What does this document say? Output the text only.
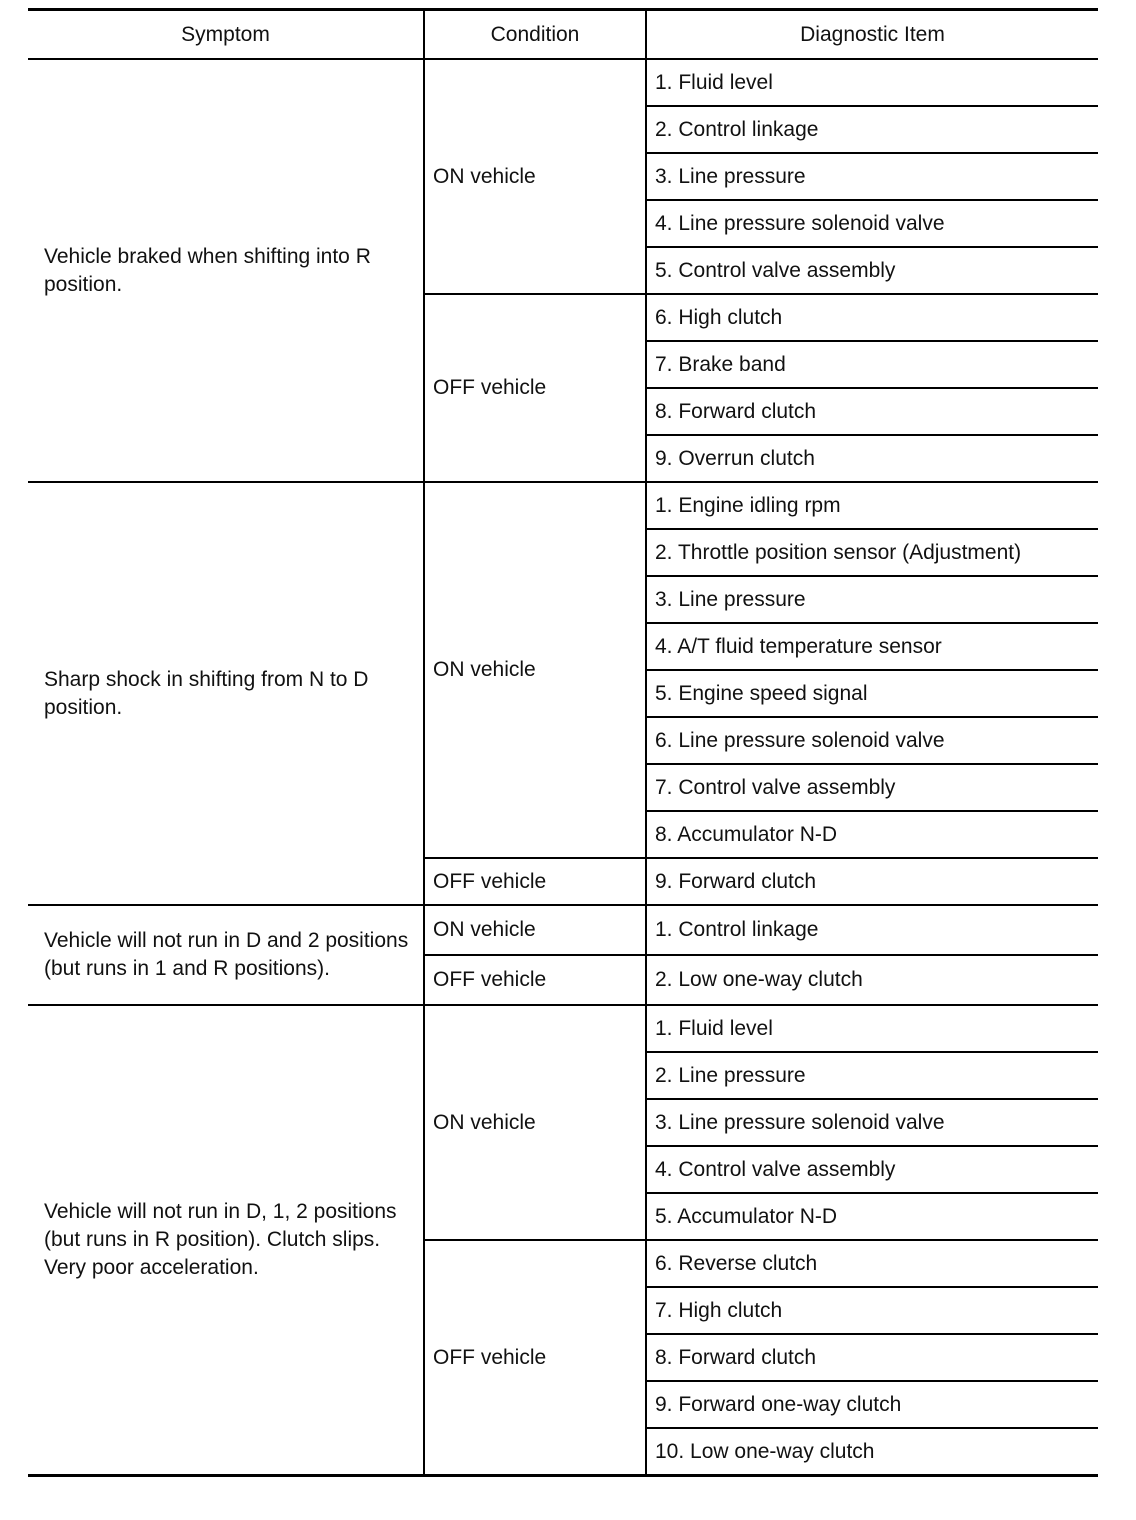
Symptom	Condition	Diagnostic Item
Vehicle braked when shifting into R position.	ON vehicle	1. Fluid level
		2. Control linkage
		3. Line pressure
		4. Line pressure solenoid valve
		5. Control valve assembly
	OFF vehicle	6. High clutch
		7. Brake band
		8. Forward clutch
		9. Overrun clutch
Sharp shock in shifting from N to D position.	ON vehicle	1. Engine idling rpm
		2. Throttle position sensor (Adjustment)
		3. Line pressure
		4. A/T fluid temperature sensor
		5. Engine speed signal
		6. Line pressure solenoid valve
		7. Control valve assembly
		8. Accumulator N-D
	OFF vehicle	9. Forward clutch
Vehicle will not run in D and 2 positions (but runs in 1 and R positions).	ON vehicle	1. Control linkage
	OFF vehicle	2. Low one-way clutch
Vehicle will not run in D, 1, 2 positions (but runs in R position). Clutch slips. Very poor acceleration.	ON vehicle	1. Fluid level
		2. Line pressure
		3. Line pressure solenoid valve
		4. Control valve assembly
		5. Accumulator N-D
	OFF vehicle	6. Reverse clutch
		7. High clutch
		8. Forward clutch
		9. Forward one-way clutch
		10. Low one-way clutch
